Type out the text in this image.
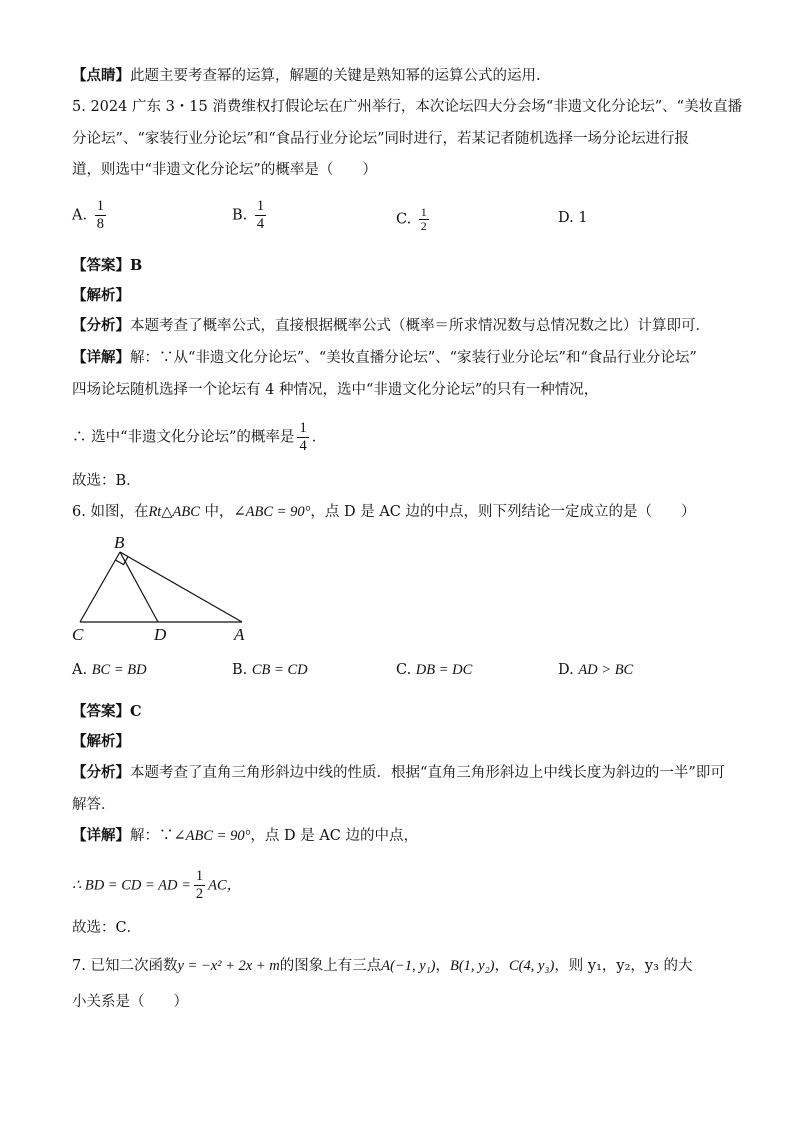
【点睛】此题主要考查幂的运算，解题的关键是熟知幂的运算公式的运用.
5. 2024 广东 3・15 消费维权打假论坛在广州举行，本次论坛四大分会场“非遗文化分论坛”、“美妆直播
分论坛”、“家装行业分论坛”和“食品行业分论坛”同时进行，若某记者随机选择一场分论坛进行报
道，则选中“非遗文化分论坛”的概率是（　　）
A. $\frac{1}{8}$	B. $\frac{1}{4}$	C. $\frac{1}{2}$	D. 1
【答案】B
【解析】
【分析】本题考查了概率公式，直接根据概率公式（概率＝所求情况数与总情况数之比）计算即可．
【详解】解：∵从“非遗文化分论坛”、“美妆直播分论坛”、“家装行业分论坛”和“食品行业分论坛”
四场论坛随机选择一个论坛有 4 种情况，选中“非遗文化分论坛”的只有一种情况，
∴ 选中“非遗文化分论坛”的概率是 $\frac{1}{4}$ ．
故选：B．
6. 如图，在Rt△ABC 中，∠ABC = 90°，点 D 是 AC 边的中点，则下列结论一定成立的是（　　）
B
C	D	A
A. BC = BD	B. CB = CD	C. DB = DC	D. AD > BC
【答案】C
【解析】
【分析】本题考查了直角三角形斜边中线的性质．根据“直角三角形斜边上中线长度为斜边的一半”即可
解答．
【详解】解：∵∠ABC = 90°，点 D 是 AC 边的中点，
∴ BD = CD = AD = $\frac{1}{2}$ AC，
故选：C．
7. 已知二次函数y = −x² + 2x + m的图象上有三点A(−1, y₁)，B(1, y₂)，C(4, y₃)，则 y₁，y₂，y₃ 的大
小关系是（　　）
